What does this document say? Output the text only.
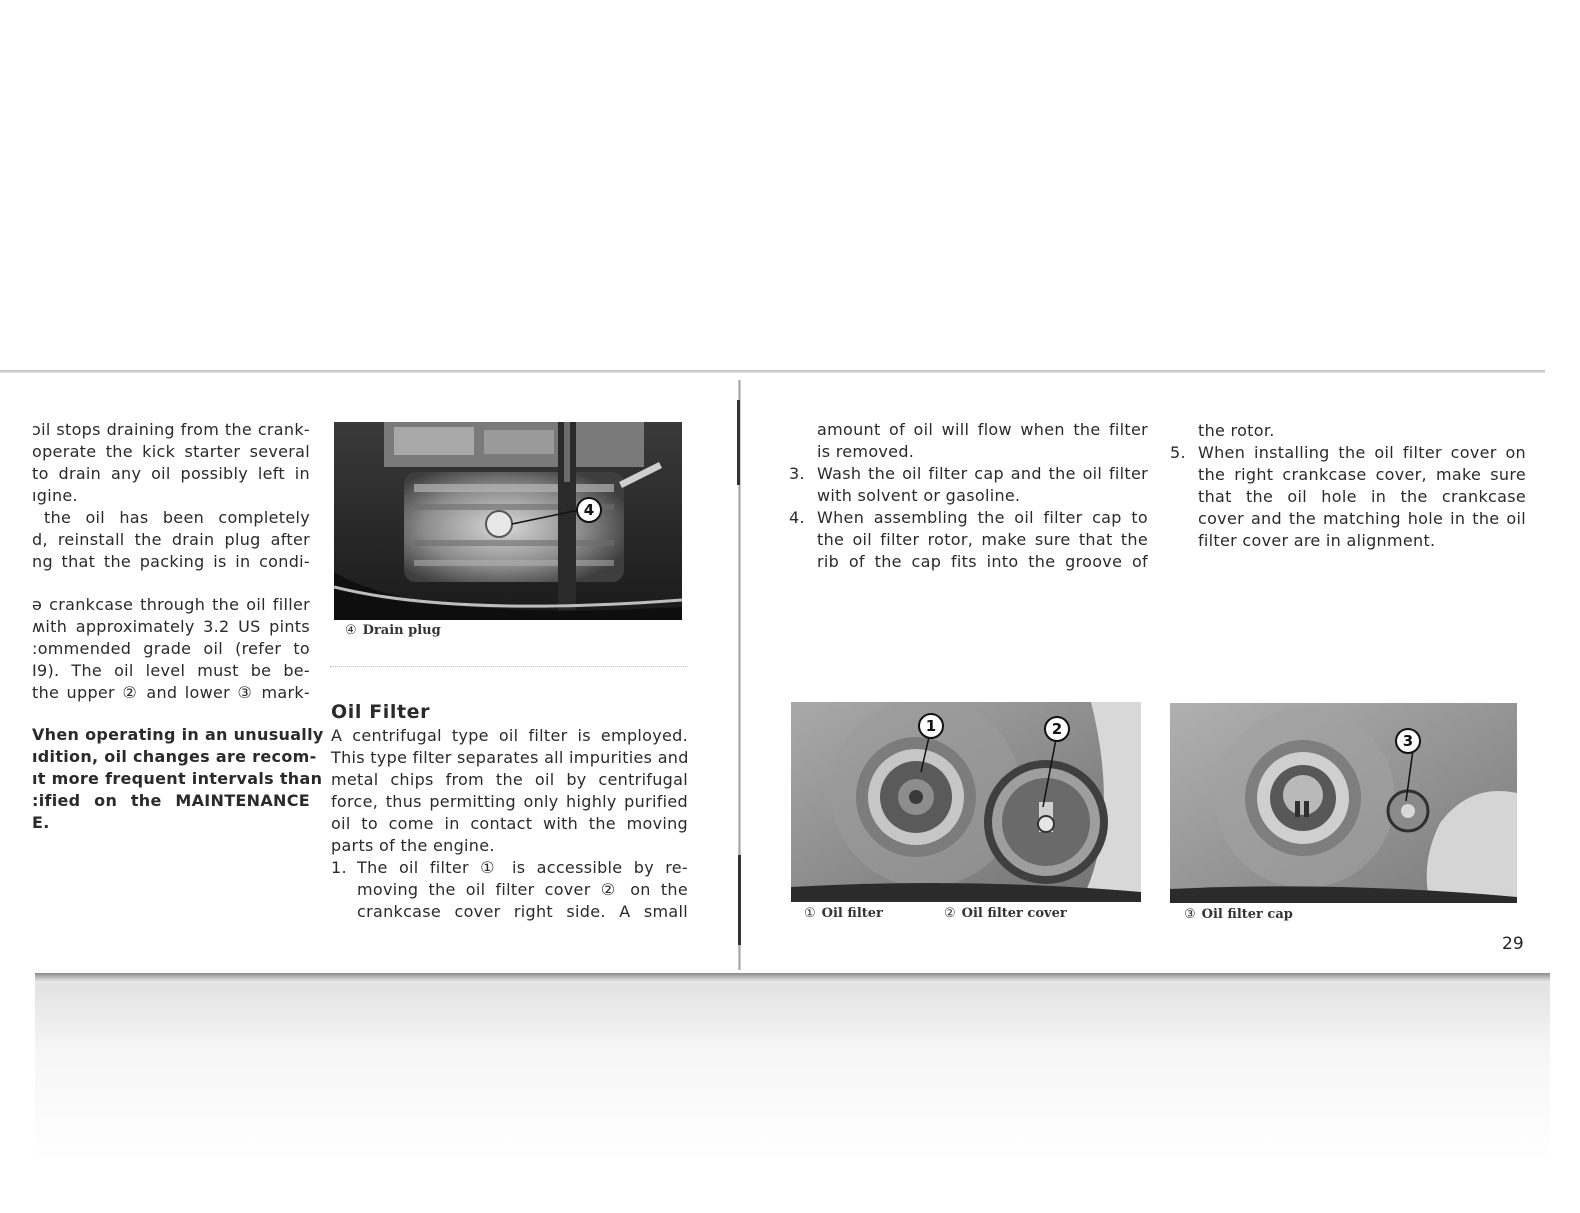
ɔil stops draining from the crank-
operate the kick starter several
to drain any oil possibly left in
ıgine.
the oil has been completely
d, reinstall the drain plug after
ng that the packing is in condi-
ə crankcase through the oil filler
ʍith approximately 3.2 US pints
:ommended grade oil (refer to
I9). The oil level must be be-
the upper ② and lower ③ mark-
Vhen operating in an unusually
ıdition, oil changes are recom-
ıt more frequent intervals than
:ified on the MAINTENANCE
E.
4
④ Drain plug
Oil Filter
A centrifugal type oil filter is employed.
This type filter separates all impurities and
metal chips from the oil by centrifugal
force, thus permitting only highly purified
oil to come in contact with the moving
parts of the engine.
1. The oil filter ① is accessible by re-
moving the oil filter cover ② on the
crankcase cover right side. A small
amount of oil will flow when the filter
is removed.
3. Wash the oil filter cap and the oil filter
with solvent or gasoline.
4. When assembling the oil filter cap to
the oil filter rotor, make sure that the
rib of the cap fits into the groove of
the rotor.
5. When installing the oil filter cover on
the right crankcase cover, make sure
that the oil hole in the crankcase
cover and the matching hole in the oil
filter cover are in alignment.
1	2
① Oil filter	② Oil filter cover
3
③ Oil filter cap
29
